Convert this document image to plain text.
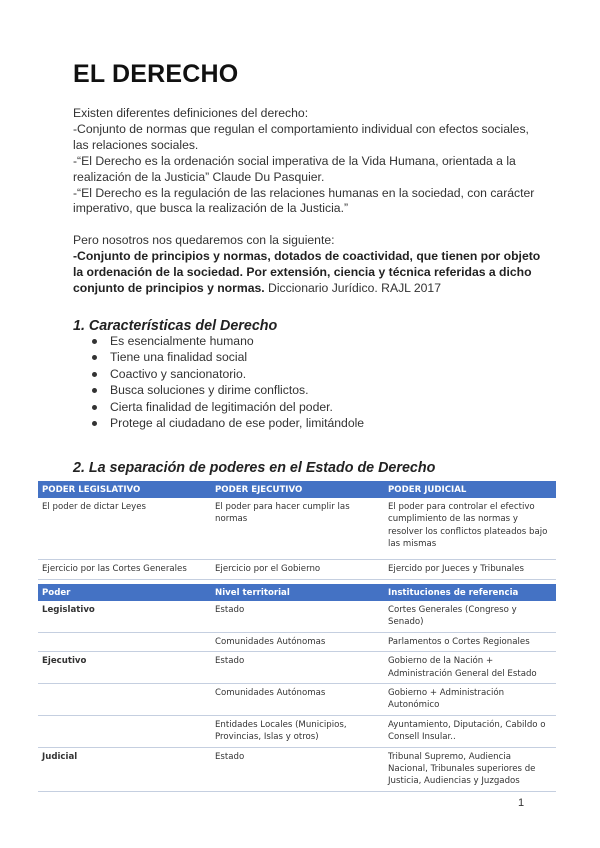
EL DERECHO

Existen diferentes definiciones del derecho:

-Conjunto de normas que regulan el comportamiento individual con efectos sociales, las relaciones sociales.

-“El Derecho es la ordenación social imperativa de la Vida Humana, orientada a la realización de la Justicia” Claude Du Pasquier.

-“El Derecho es la regulación de las relaciones humanas en la sociedad, con carácter imperativo, que busca la realización de la Justicia.”

Pero nosotros nos quedaremos con la siguiente:

-Conjunto de principios y normas, dotados de coactividad, que tienen por objeto la ordenación de la sociedad. Por extensión, ciencia y técnica referidas a dicho conjunto de principios y normas. Diccionario Jurídico. RAJL 2017

1. Características del Derecho
Es esencialmente humano
Tiene una finalidad social
Coactivo y sancionatorio.
Busca soluciones y dirime conflictos.
Cierta finalidad de legitimación del poder.
Protege al ciudadano de ese poder, limitándole
2. La separación de poderes en el Estado de Derecho
PODER LEGISLATIVO	PODER EJECUTIVO	PODER JUDICIAL
El poder de dictar Leyes	El poder para hacer cumplir las normas	El poder para controlar el efectivo cumplimiento de las normas y resolver los conflictos plateados bajo las mismas
Ejercicio por las Cortes Generales	Ejercicio por el Gobierno	Ejercido por Jueces y Tribunales
Poder	Nivel territorial	Instituciones de referencia
Legislativo	Estado	Cortes Generales (Congreso y Senado)
	Comunidades Autónomas	Parlamentos o Cortes Regionales
Ejecutivo	Estado	Gobierno de la Nación + Administración General del Estado
	Comunidades Autónomas	Gobierno + Administración Autonómico
	Entidades Locales (Municipios, Provincias, Islas y otros)	Ayuntamiento, Diputación, Cabildo o Consell Insular..
Judicial	Estado	Tribunal Supremo, Audiencia Nacional, Tribunales superiores de Justicia, Audiencias y Juzgados
1
